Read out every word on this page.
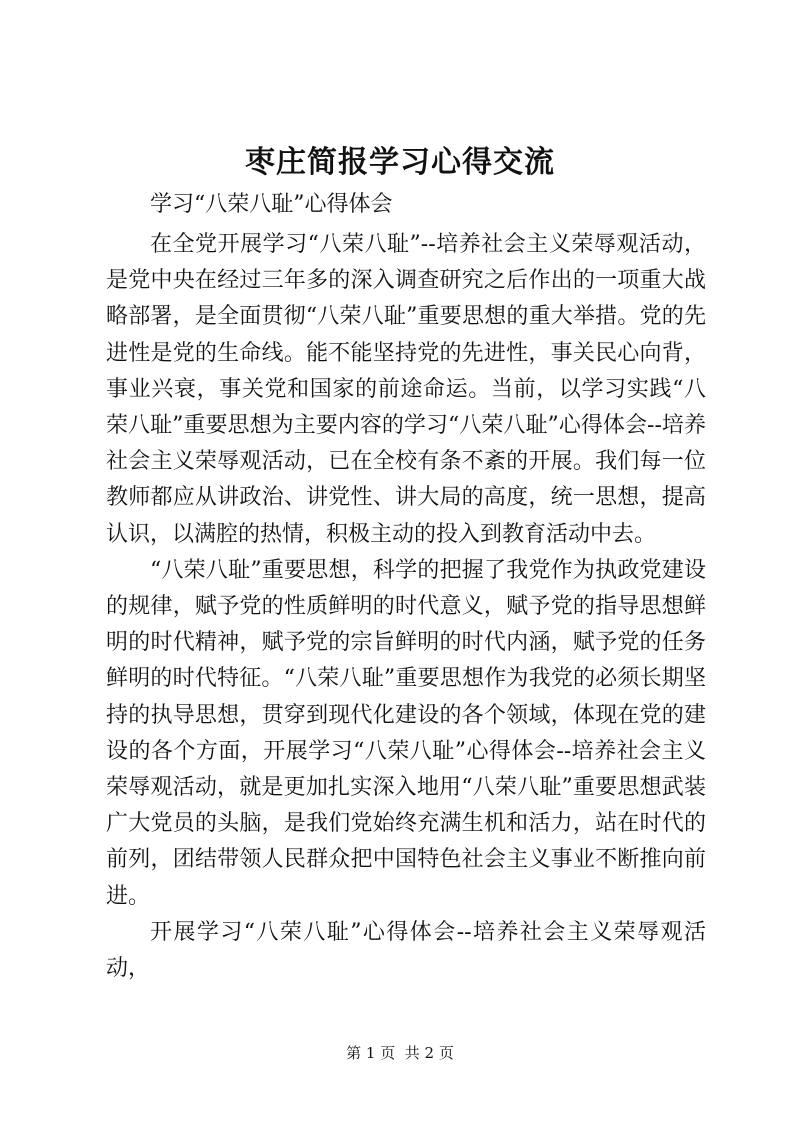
枣庄简报学习心得交流

学习“八荣八耻”心得体会

在全党开展学习“八荣八耻”--培养社会主义荣辱观活动，是党中央在经过三年多的深入调查研究之后作出的一项重大战略部署，是全面贯彻“八荣八耻”重要思想的重大举措。党的先进性是党的生命线。能不能坚持党的先进性，事关民心向背，事业兴衰，事关党和国家的前途命运。当前，以学习实践“八荣八耻”重要思想为主要内容的学习“八荣八耻”心得体会--培养社会主义荣辱观活动，已在全校有条不紊的开展。我们每一位教师都应从讲政治、讲党性、讲大局的高度，统一思想，提高认识，以满腔的热情，积极主动的投入到教育活动中去。

“八荣八耻”重要思想，科学的把握了我党作为执政党建设的规律，赋予党的性质鲜明的时代意义，赋予党的指导思想鲜明的时代精神，赋予党的宗旨鲜明的时代内涵，赋予党的任务鲜明的时代特征。“八荣八耻”重要思想作为我党的必须长期坚持的执导思想，贯穿到现代化建设的各个领域，体现在党的建设的各个方面，开展学习“八荣八耻”心得体会--培养社会主义荣辱观活动，就是更加扎实深入地用“八荣八耻”重要思想武装广大党员的头脑，是我们党始终充满生机和活力，站在时代的前列，团结带领人民群众把中国特色社会主义事业不断推向前进。

开展学习“八荣八耻”心得体会--培养社会主义荣辱观活动，

第 1 页  共 2 页
